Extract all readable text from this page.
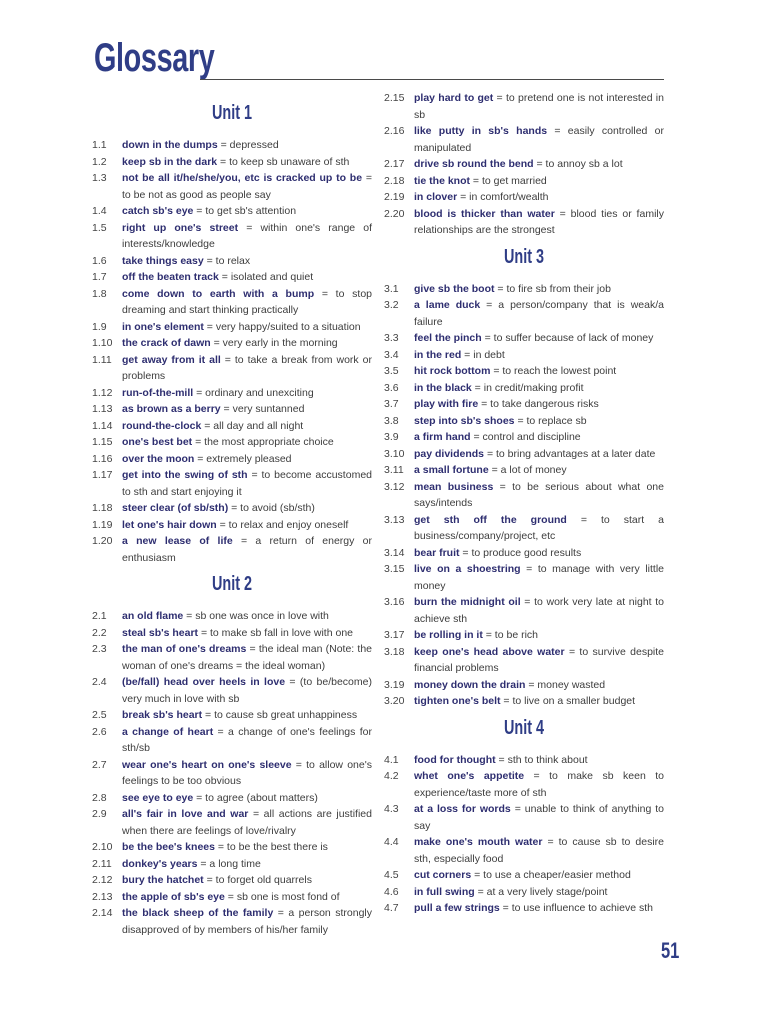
Glossary
Unit 1
1.1	down in the dumps = depressed
1.2	keep sb in the dark = to keep sb unaware of sth
1.3	not be all it/he/she/you, etc is cracked up to be = to be not as good as people say
1.4	catch sb's eye = to get sb's attention
1.5	right up one's street = within one's range of interests/knowledge
1.6	take things easy = to relax
1.7	off the beaten track = isolated and quiet
1.8	come down to earth with a bump = to stop dreaming and start thinking practically
1.9	in one's element = very happy/suited to a situation
1.10 the crack of dawn = very early in the morning
1.11 get away from it all = to take a break from work or problems
1.12 run-of-the-mill = ordinary and unexciting
1.13 as brown as a berry = very suntanned
1.14 round-the-clock = all day and all night
1.15 one's best bet = the most appropriate choice
1.16 over the moon = extremely pleased
1.17 get into the swing of sth = to become accustomed to sth and start enjoying it
1.18 steer clear (of sb/sth) = to avoid (sb/sth)
1.19 let one's hair down = to relax and enjoy oneself
1.20 a new lease of life = a return of energy or enthusiasm
Unit 2
2.1	an old flame = sb one was once in love with
2.2	steal sb's heart = to make sb fall in love with one
2.3	the man of one's dreams = the ideal man (Note: the woman of one's dreams = the ideal woman)
2.4	(be/fall) head over heels in love = (to be/become) very much in love with sb
2.5	break sb's heart = to cause sb great unhappiness
2.6	a change of heart = a change of one's feelings for sth/sb
2.7	wear one's heart on one's sleeve = to allow one's feelings to be too obvious
2.8	see eye to eye = to agree (about matters)
2.9	all's fair in love and war = all actions are justified when there are feelings of love/rivalry
2.10 be the bee's knees = to be the best there is
2.11 donkey's years = a long time
2.12 bury the hatchet = to forget old quarrels
2.13 the apple of sb's eye = sb one is most fond of
2.14 the black sheep of the family = a person strongly disapproved of by members of his/her family
2.15 play hard to get = to pretend one is not interested in sb
2.16 like putty in sb's hands = easily controlled or manipulated
2.17 drive sb round the bend = to annoy sb a lot
2.18 tie the knot = to get married
2.19 in clover = in comfort/wealth
2.20 blood is thicker than water = blood ties or family relationships are the strongest
Unit 3
3.1	give sb the boot = to fire sb from their job
3.2	a lame duck = a person/company that is weak/a failure
3.3	feel the pinch = to suffer because of lack of money
3.4	in the red = in debt
3.5	hit rock bottom = to reach the lowest point
3.6	in the black = in credit/making profit
3.7	play with fire = to take dangerous risks
3.8	step into sb's shoes = to replace sb
3.9	a firm hand = control and discipline
3.10 pay dividends = to bring advantages at a later date
3.11 a small fortune = a lot of money
3.12 mean business = to be serious about what one says/intends
3.13 get sth off the ground = to start a business/company/project, etc
3.14 bear fruit = to produce good results
3.15 live on a shoestring = to manage with very little money
3.16 burn the midnight oil = to work very late at night to achieve sth
3.17 be rolling in it = to be rich
3.18 keep one's head above water = to survive despite financial problems
3.19 money down the drain = money wasted
3.20 tighten one's belt = to live on a smaller budget
Unit 4
4.1	food for thought = sth to think about
4.2	whet one's appetite = to make sb keen to experience/taste more of sth
4.3	at a loss for words = unable to think of anything to say
4.4	make one's mouth water = to cause sb to desire sth, especially food
4.5	cut corners = to use a cheaper/easier method
4.6	in full swing = at a very lively stage/point
4.7	pull a few strings = to use influence to achieve sth
51
